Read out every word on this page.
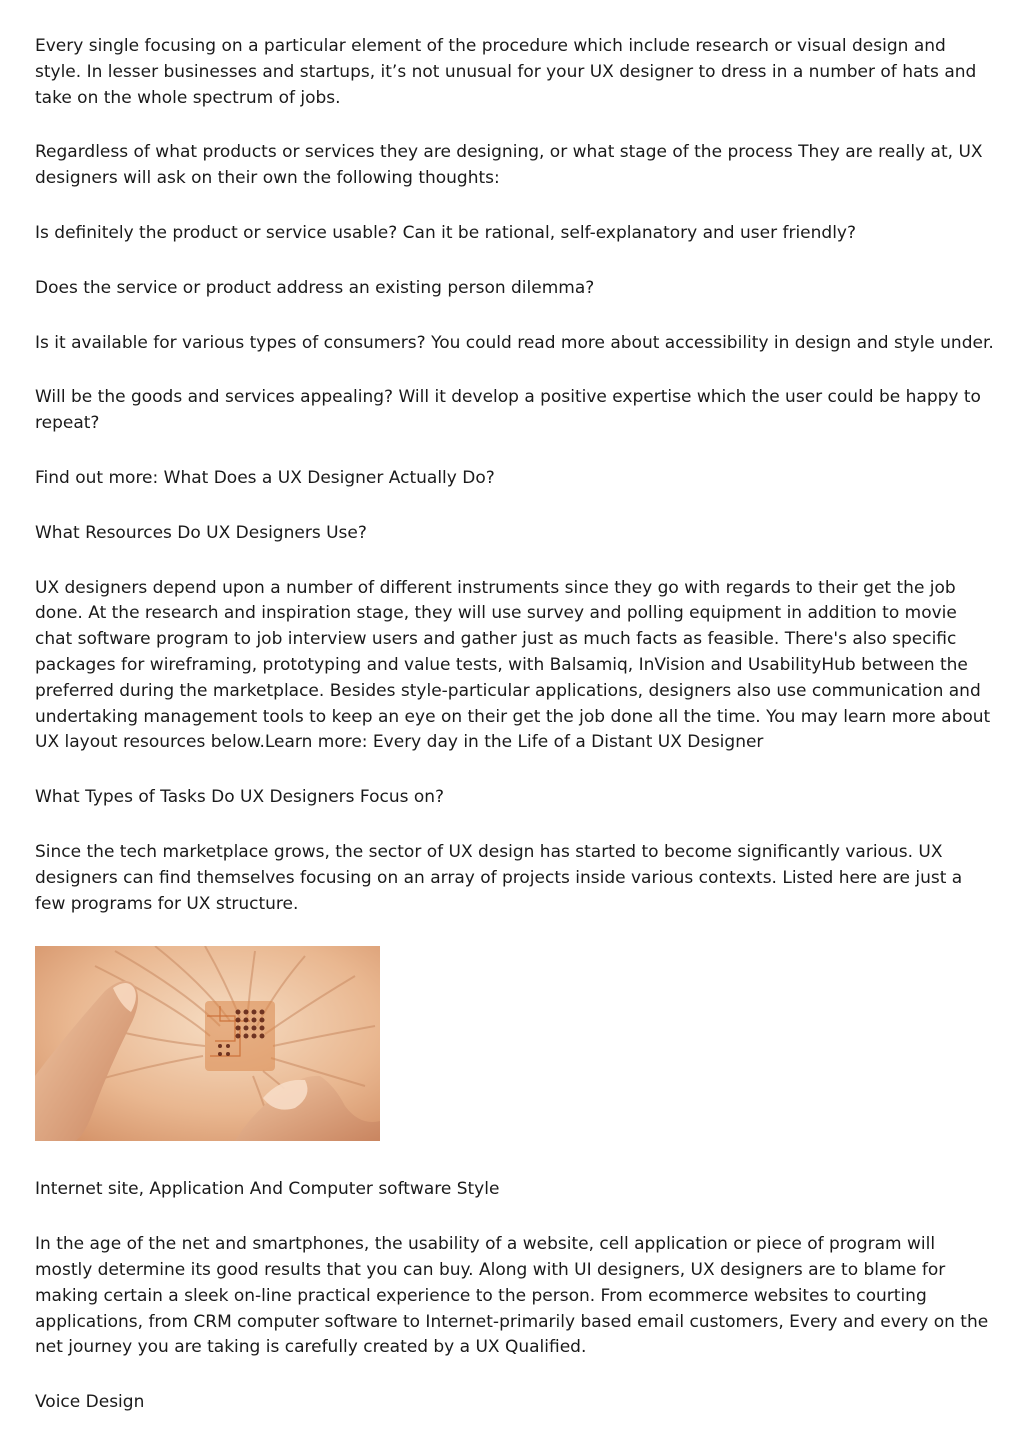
Every single focusing on a particular element of the procedure which include research or visual design and style. In lesser businesses and startups, it’s not unusual for your UX designer to dress in a number of hats and take on the whole spectrum of jobs.

Regardless of what products or services they are designing, or what stage of the process They are really at, UX designers will ask on their own the following thoughts:

Is definitely the product or service usable? Can it be rational, self-explanatory and user friendly?

Does the service or product address an existing person dilemma?

Is it available for various types of consumers? You could read more about accessibility in design and style under.

Will be the goods and services appealing? Will it develop a positive expertise which the user could be happy to repeat?

Find out more: What Does a UX Designer Actually Do?

What Resources Do UX Designers Use?

UX designers depend upon a number of different instruments since they go with regards to their get the job done. At the research and inspiration stage, they will use survey and polling equipment in addition to movie chat software program to job interview users and gather just as much facts as feasible. There's also specific packages for wireframing, prototyping and value tests, with Balsamiq, InVision and UsabilityHub between the preferred during the marketplace. Besides style-particular applications, designers also use communication and undertaking management tools to keep an eye on their get the job done all the time. You may learn more about UX layout resources below.Learn more: Every day in the Life of a Distant UX Designer

What Types of Tasks Do UX Designers Focus on?

Since the tech marketplace grows, the sector of UX design has started to become significantly various. UX designers can find themselves focusing on an array of projects inside various contexts. Listed here are just a few programs for UX structure.

Internet site, Application And Computer software Style

In the age of the net and smartphones, the usability of a website, cell application or piece of program will mostly determine its good results that you can buy. Along with UI designers, UX designers are to blame for making certain a sleek on-line practical experience to the person. From ecommerce websites to courting applications, from CRM computer software to Internet-primarily based email customers, Every and every on the net journey you are taking is carefully created by a UX Qualified.

Voice Design
